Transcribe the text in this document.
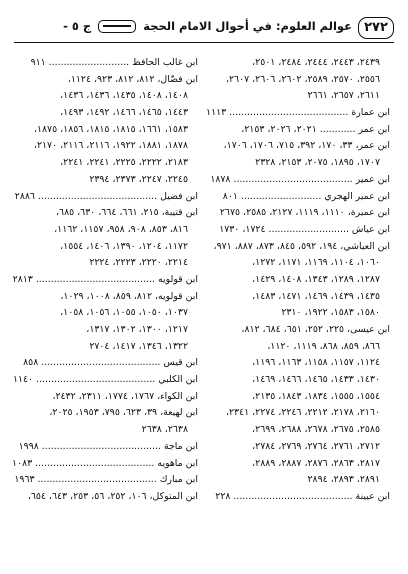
٢٧٢
عوالم العلوم: في أحوال الامام الحجة  ج ٥ -
٢٤٣٩، ٢٤٤٣، ٢٤٤٤، ٢٤٨٤، ٢٥٠١،
٢٥٥٦، ٢٥٧٠، ٢٥٨٩، ٢٦٠٢، ٢٦٠٦، ٢٦٠٧،
٢٦١١، ٢٦٥٧، ٢٦٦١
ابن عمارة ........................................ ١١١٣
ابن عمر ............ ٢٠٢١، ٢٠٢٦، ٢١٥٣،
ابن عمر، ٣٣، ١٧٠، ٣٩٢، ٧١٥، ١٧٠٦، ١٧٠٦،
١٧٠٧، ١٨٩٥، ٢٠٧٥، ٢١٥٣، ٢٣٢٨
ابن عمير ........................................ ١٨٧٨
ابن عمير الهجري ........................... ٨٠١
ابن عميرة، ١١١٠، ١١١٩، ٢١٢٧، ٢٥٨٥، ٢٦٧٥
ابن عياش ........................... ١٧٢٤، ١٧٣٠
ابن العياشي، ١٩٤، ٥٩٢، ٨٤٥، ٨٧٣، ٨٨٧، ٩٧١،
١٠٦٠، ١١٠٤، ١١٦٩، ١١٧١، ١٢٧٢،
١٢٨٧، ١٢٨٩، ١٣٤٣، ١٤٠٨، ١٤٢٩،
١٤٣٥، ١٤٣٩، ١٤٦٩، ١٤٧١، ١٤٨٣،
١٥٨٠، ١٥٨٣، ١٩٢٢، ٢٣١٠
ابن عيسى، ٢٢٥، ٢٥٢، ٦٥١، ٦٨٤، ٨١٢،
٨٦٦، ٨٥٩، ٨٦٨، ١١١٩، ١١٢٠،
١١٢٤، ١١٥٧، ١١٥٨، ١١٦٣، ١١٩٦،
١٤٣٠، ١٤٣٣، ١٤٦٥، ١٤٦٦، ١٤٦٩،
١٥٥٤، ١٥٥٥، ١٨٣٤، ١٨٤٣، ٢١٣٥،
٢١٦٠، ٢١٧٨، ٢٢١٢، ٢٢٤٦، ٢٢٧٤، ٢٣٤١،
٢٥٨٥، ٢٦٧٥، ٢٦٧٨، ٢٦٨٨، ٢٦٩٩،
٢٧١٢، ٢٧٦١، ٢٧٦٤، ٢٧٦٩، ٢٧٨٤،
٢٨١٧، ٢٨٦٣، ٢٨٧٦، ٢٨٨٧، ٢٨٨٩،
٢٨٩١، ٢٨٩٣، ٢٨٩٤
ابن عيينة ........................................ ٢٢٨
ابن غالب الحافظ ........................... ٩١١
ابن فضّال، ٨١٢، ٨١٢، ٩٢٣، ١١٢٤،
١٤٠٨، ١٤٠٨، ١٤٣٥، ١٤٣٦، ١٤٣٦،
١٤٤٣، ١٤٦٥، ١٤٦٦، ١٤٩٢، ١٤٩٣،
١٥٨٣، ١٦٦١، ١٨١٥، ١٨١٥، ١٨٥٦، ١٨٧٥،
١٨٧٨، ١٨٨١، ١٩٢٢، ٢١١٦، ٢١١٦، ٢١٧٠،
٢١٨٣، ٢٢٢٢، ٢٢٢٥، ٢٢٤١، ٢٢٤١،
٢٢٤٥، ٢٢٤٧، ٢٣٧٣، ٢٣٩٤
ابن فضيل ........................................ ٢٨٨٦
ابن قتيبة، ٢١٥، ٦٦١، ٦٦٤، ٦٣٠، ٦٨٥،
٨١٦، ٨٥٣، ٩٠٨، ٩٥٨، ١١٥٧، ١١٦٢،
١١٧٢، ١٢٠٤، ١٣٩٠، ١٤٠٦، ١٥٥٤،
٢٢١٤، ٢٢٢٠، ٢٢٢٣، ٢٢٢٤
ابن قولويه ........................................ ٢٨١٣
ابن قولويه، ٨١٢، ٨٥٩، ١٠٠٨، ١٠٢٩،
١٠٣٧، ١٠٥٠، ١٠٥٥، ١٠٥٦، ١٠٥٨،
١٢١٧، ١٣٠٠، ١٣٠٢، ١٣١٧،
١٣٢٢، ١٣٤٦، ١٤١٧، ٢٧٠٤
ابن قيس ........................................ ٨٥٨
ابن الكلبي ........................................ ١١٤٠
ابن الكواء، ١٧٦٧، ١٧٧٤، ٢٣١١، ٢٤٣٢،
ابن لهيعة، ٣٩، ٦٢٣، ٧٩٥، ١٩٥٣، ٢٠٢٥،
٢٦٣٨، ٢٦٣٨
ابن ماجة ........................................ ١٩٩٨
ابن ماهويه ........................................ ١٠٨٣
ابن مبارك ........................................ ١٩٦٣
ابن المتوكل، ١٠٦، ٢٥٢، ٥٦، ٢٥٣، ٦٤٣، ٦٥٤،
